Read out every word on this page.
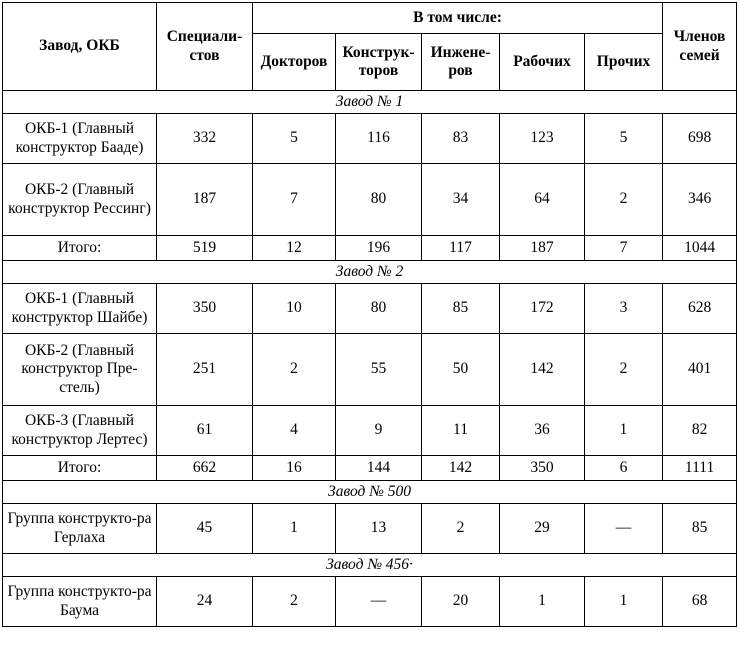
Завод, ОКБ	Специали-стов	В том числе:					Членов семей
		Докторов	Конструк-торов	Инжене-ров	Рабочих	Прочих	
Завод № 1							
ОКБ-1 (Главный конструктор Бааде)	332	5	116	83	123	5	698
ОКБ-2 (Главный конструктор Рессинг)	187	7	80	34	64	2	346
Итого:	519	12	196	117	187	7	1044
Завод № 2							
ОКБ-1 (Главный конструктор Шайбе)	350	10	80	85	172	3	628
ОКБ-2 (Главный конструктор Пре-стель)	251	2	55	50	142	2	401
ОКБ-3 (Главный конструктор Лертес)	61	4	9	11	36	1	82
Итого:	662	16	144	142	350	6	1111
Завод № 500							
Группа конструкто-ра Герлаха	45	1	13	2	29	—	85
Завод № 456·							
Группа конструкто-ра Баума	24	2	—	20	1	1	68
